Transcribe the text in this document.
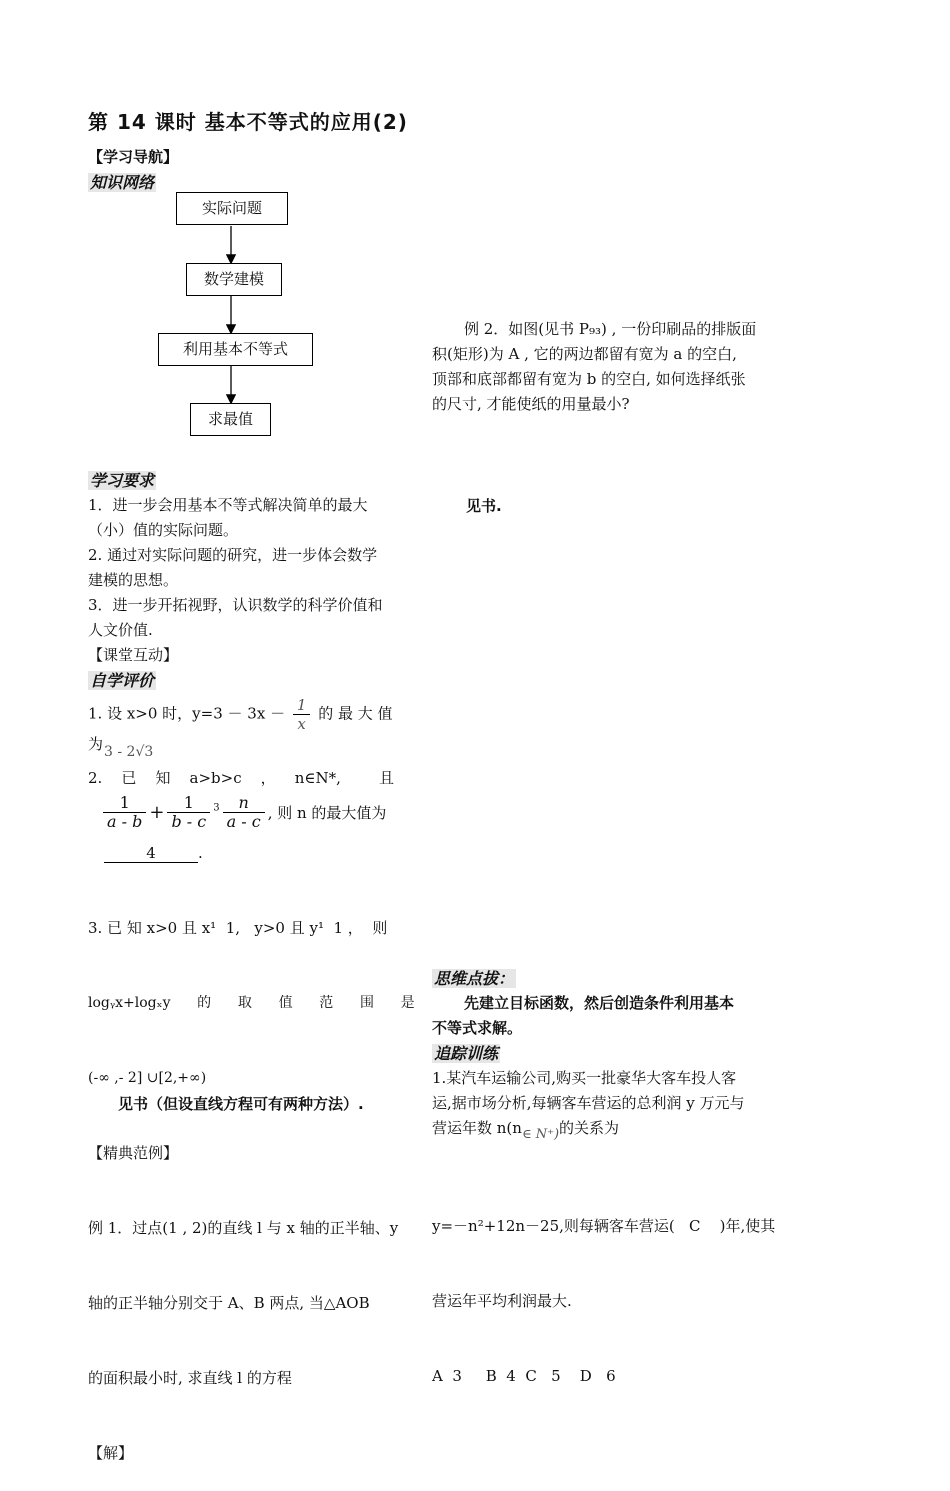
第 14 课时 基本不等式的应用(2)
【学习导航】
知识网络
实际问题
数学建模
利用基本不等式
求最值
学习要求
1．进一步会用基本不等式解决简单的最大
（小）值的实际问题。
2. 通过对实际问题的研究，进一步体会数学
建模的思想。
3．进一步开拓视野，认识数学的科学价值和
人文价值.
【课堂互动】
自学评价
1. 设 x>0 时，$y=3 - 3x - \frac{1}{x}$ 的 最 大 值 为 3 - 2√3
2.    已    知    a>b>c    ，    n∈N*,        且
$\frac{1}{a - b} + \frac{1}{b - c} ^3 \frac{n}{a - c}$ , 则 n 的最大值为
4	.

3. 已 知 x>0 且 x¹  1,   y>0 且 y¹  1 ，  则

logᵧx+logₓy      的      取      值      范      围      是

(-∞ ,- 2] ∪[2,+∞)

【精典范例】

例 1．过点(1 , 2)的直线 l 与 x 轴的正半轴、y

轴的正半轴分别交于 A、B 两点, 当△AOB

的面积最小时, 求直线 l 的方程

【解】

见书（但设直线方程可有两种方法）.
例 2．如图(见书 P₉₃) , 一份印刷品的排版面
积(矩形)为 A , 它的两边都留有宽为 a 的空白,
顶部和底部都留有宽为 b 的空白, 如何选择纸张
的尺寸, 才能使纸的用量最小?
见书.
思维点拔：
先建立目标函数，然后创造条件利用基本
不等式求解。
追踪训练
1.某汽车运输公司,购买一批豪华大客车投人客
运,据市场分析,每辆客车营运的总利润 y 万元与
营运年数 n(n∈ N⁺)的关系为

y=－n²+12n－25,则每辆客车营运(   C    )年,使其

营运年平均利润最大.

A  3     B  4  C   5    D   6
